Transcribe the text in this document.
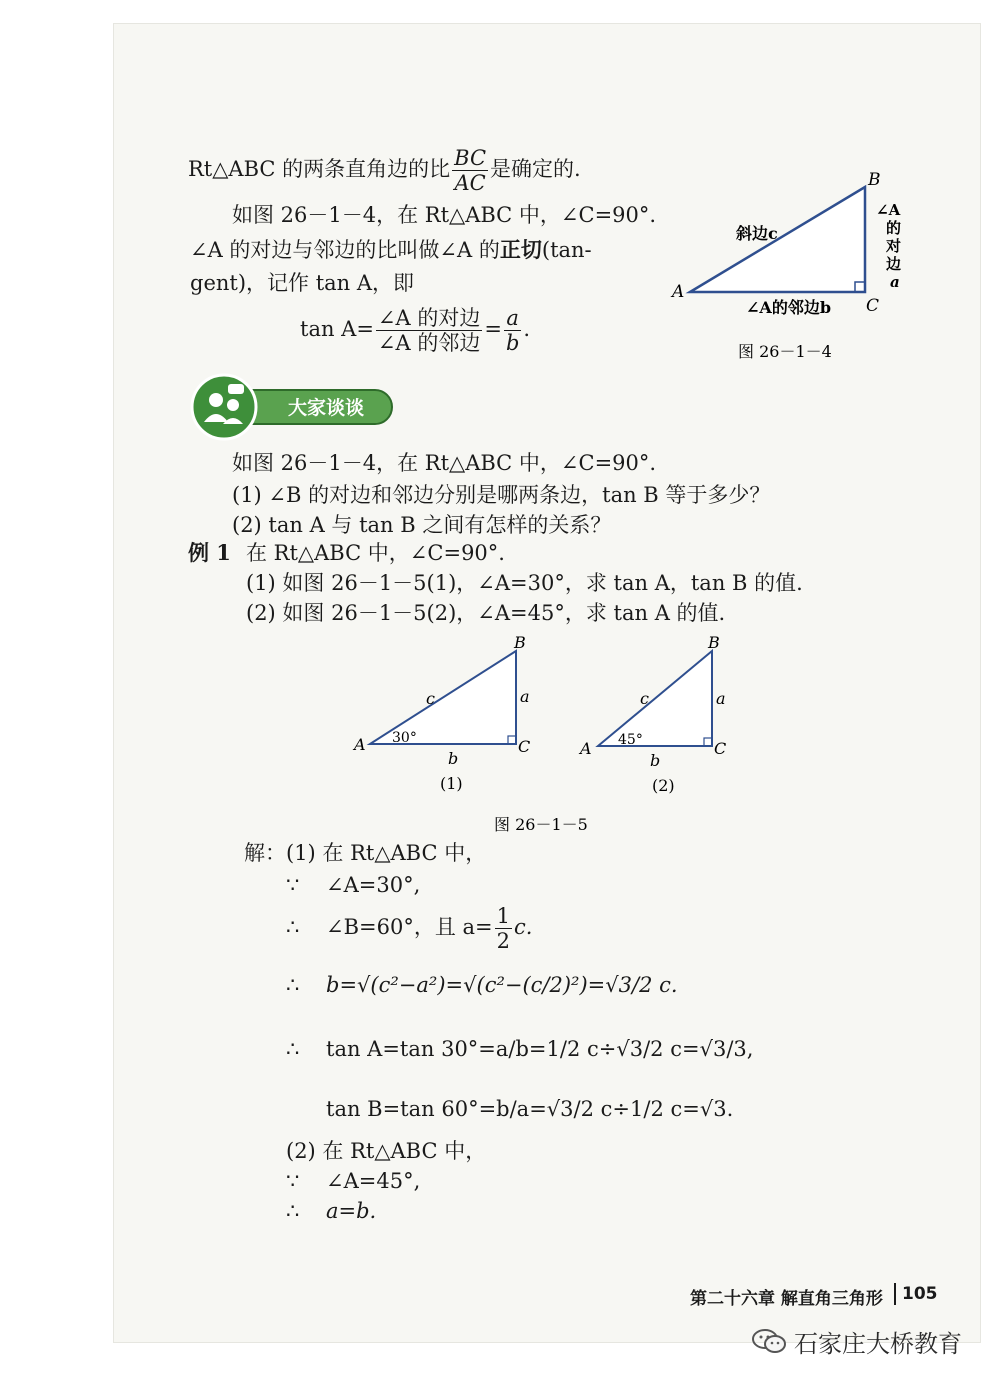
Rt△ABC 的两条直角边的比 $\frac{BC}{AC}$ 是确定的.
如图 26－1－4，在 Rt△ABC 中，∠C=90°.
∠A 的对边与邻边的比叫做∠A 的正切(tan-
gent)，记作 tan A，即
$\tan A= \frac{\text{∠A 的对边}}{\text{∠A 的邻边}} = \frac{a}{b}$ .
B
A
C
斜边c
∠A
的
对
边
a
∠A的邻边b
图 26－1－4
大家谈谈
如图 26－1－4，在 Rt△ABC 中，∠C=90°.
(1) ∠B 的对边和邻边分别是哪两条边，tan B 等于多少？
(2) tan A 与 tan B 之间有怎样的关系？
例 1 在 Rt△ABC 中，∠C=90°.
(1) 如图 26－1－5(1)，∠A=30°，求 tan A，tan B 的值.
(2) 如图 26－1－5(2)，∠A=45°，求 tan A 的值.
B
A	C
c	a
b
30°
(1)
B
A	C
c	a
b
45°
(2)
图 26－1－5
解：(1) 在 Rt△ABC 中，
∵ ∠A=30°,
∴ ∠B=60°，且 $a= \frac{1}{2} c$.
∴ b=√(c²−a²)=√(c²−(c/2)²)=√3/2 c.
∴ tan A=tan 30°=a/b=1/2 c÷√3/2 c=√3/3,
tan B=tan 60°=b/a=√3/2 c÷1/2 c=√3.
(2) 在 Rt△ABC 中，
∵ ∠A=45°,
∴ a=b.
第二十六章 解直角三角形 105
石家庄大桥教育
